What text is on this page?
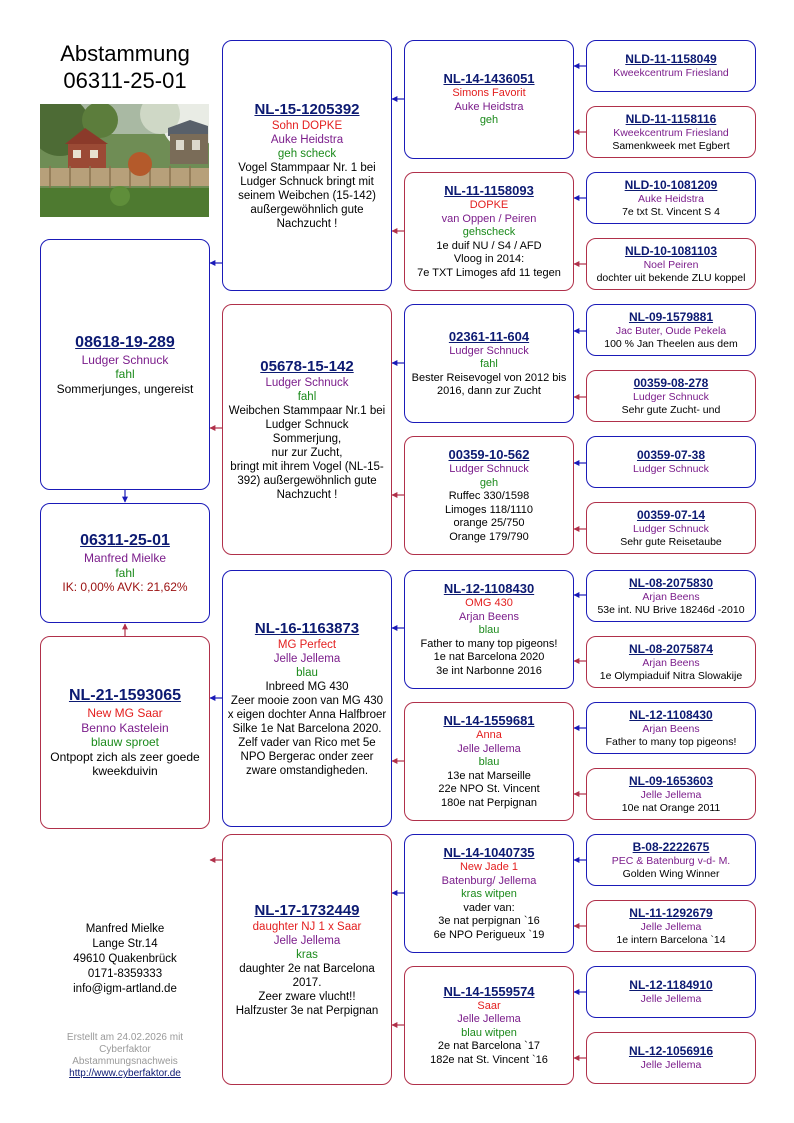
Abstammung
06311-25-01
06311-25-01
Manfred Mielke
fahl
IK: 0,00% AVK: 21,62%
08618-19-289
Ludger Schnuck
fahl
Sommerjunges, ungereist
NL-21-1593065
New MG Saar
Benno Kastelein
blauw sproet
Ontpopt zich als zeer goede kweekduivin
NL-15-1205392
Sohn DOPKE
Auke Heidstra
geh scheck
Vogel Stammpaar Nr. 1 bei Ludger Schnuck bringt mit seinem Weibchen (15-142) außergewöhnlich gute Nachzucht !
05678-15-142
Ludger Schnuck
fahl
Weibchen Stammpaar Nr.1 bei Ludger Schnuck
Sommerjung,
nur zur Zucht,
bringt mit ihrem Vogel (NL-15-392) außergewöhnlich gute Nachzucht !
NL-16-1163873
MG Perfect
Jelle Jellema
blau
Inbreed MG 430
Zeer mooie zoon van MG 430 x eigen dochter Anna Halfbroer Silke 1e Nat Barcelona 2020. Zelf vader van Rico met 5e NPO Bergerac onder zeer zware omstandigheden.
NL-17-1732449
daughter NJ 1 x Saar
Jelle Jellema
kras
daughter 2e nat Barcelona 2017.
Zeer zware vlucht!!
Halfzuster 3e nat Perpignan
NL-14-1436051
Simons Favorit
Auke Heidstra
geh
NL-11-1158093
DOPKE
van Oppen / Peiren
gehscheck
1e duif NU / S4 / AFD
Vloog in 2014:
7e TXT Limoges afd 11 tegen
02361-11-604
Ludger Schnuck
fahl
Bester Reisevogel von 2012 bis 2016, dann zur Zucht
00359-10-562
Ludger Schnuck
geh
Ruffec 330/1598
Limoges 118/1110
orange 25/750
Orange 179/790
NL-12-1108430
OMG 430
Arjan Beens
blau
Father to many top pigeons!
1e nat Barcelona 2020
3e int Narbonne 2016
NL-14-1559681
Anna
Jelle Jellema
blau
13e nat Marseille
22e NPO St. Vincent
180e nat Perpignan
NL-14-1040735
New Jade 1
Batenburg/ Jellema
kras witpen
vader van:
3e nat perpignan `16
6e NPO Perigueux `19
NL-14-1559574
Saar
Jelle Jellema
blau witpen
2e nat Barcelona `17
182e nat St. Vincent `16
NLD-11-1158049
Kweekcentrum Friesland
NLD-11-1158116
Kweekcentrum Friesland
Samenkweek met Egbert
NLD-10-1081209
Auke Heidstra
7e txt St. Vincent S 4
NLD-10-1081103
Noel Peiren
dochter uit bekende ZLU koppel
NL-09-1579881
Jac Buter, Oude Pekela
100 % Jan Theelen aus dem
00359-08-278
Ludger Schnuck
Sehr gute Zucht- und
00359-07-38
Ludger Schnuck
00359-07-14
Ludger Schnuck
Sehr gute Reisetaube
NL-08-2075830
Arjan Beens
53e int. NU Brive 18246d -2010
NL-08-2075874
Arjan Beens
1e Olympiaduif Nitra Slowakije
NL-12-1108430
Arjan Beens
Father to many top pigeons!
NL-09-1653603
Jelle Jellema
10e nat Orange 2011
B-08-2222675
PEC & Batenburg v-d- M.
Golden Wing Winner
NL-11-1292679
Jelle Jellema
1e intern Barcelona `14
NL-12-1184910
Jelle Jellema
NL-12-1056916
Jelle Jellema
Manfred Mielke
Lange Str.14
49610 Quakenbrück
0171-8359333
info@igm-artland.de
Erstellt am 24.02.2026 mit
Cyberfaktor
Abstammungsnachweis
http://www.cyberfaktor.de
